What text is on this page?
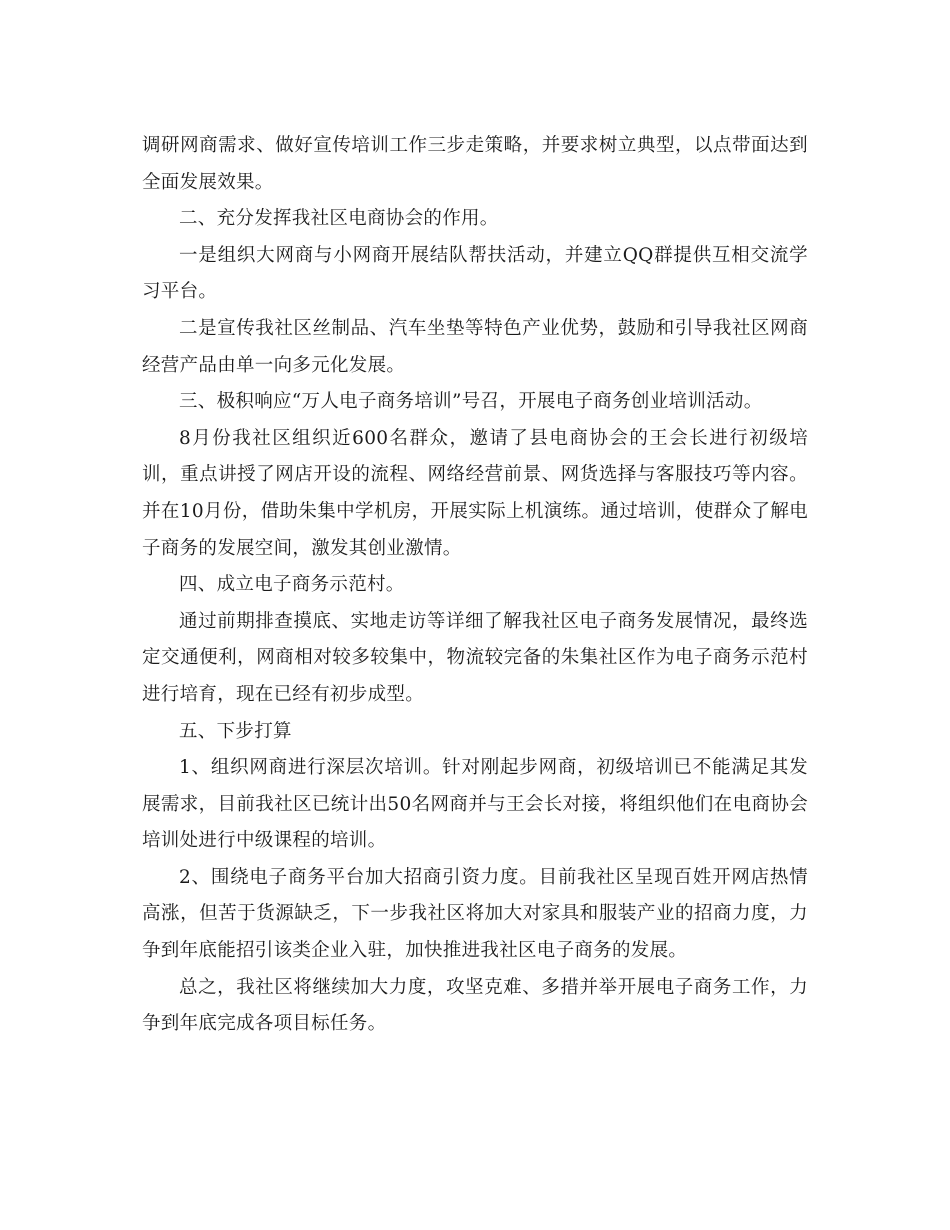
调研网商需求、做好宣传培训工作三步走策略，并要求树立典型，以点带面达到全面发展效果。

二、充分发挥我社区电商协会的作用。

一是组织大网商与小网商开展结队帮扶活动，并建立QQ群提供互相交流学习平台。

二是宣传我社区丝制品、汽车坐垫等特色产业优势，鼓励和引导我社区网商经营产品由单一向多元化发展。

三、极积响应“万人电子商务培训”号召，开展电子商务创业培训活动。

8月份我社区组织近600名群众，邀请了县电商协会的王会长进行初级培训，重点讲授了网店开设的流程、网络经营前景、网货选择与客服技巧等内容。并在10月份，借助朱集中学机房，开展实际上机演练。通过培训，使群众了解电子商务的发展空间，激发其创业激情。

四、成立电子商务示范村。

通过前期排查摸底、实地走访等详细了解我社区电子商务发展情况，最终选定交通便利，网商相对较多较集中，物流较完备的朱集社区作为电子商务示范村进行培育，现在已经有初步成型。

五、下步打算

1、组织网商进行深层次培训。针对刚起步网商，初级培训已不能满足其发展需求，目前我社区已统计出50名网商并与王会长对接，将组织他们在电商协会培训处进行中级课程的培训。

2、围绕电子商务平台加大招商引资力度。目前我社区呈现百姓开网店热情高涨，但苦于货源缺乏，下一步我社区将加大对家具和服装产业的招商力度，力争到年底能招引该类企业入驻，加快推进我社区电子商务的发展。

总之，我社区将继续加大力度，攻坚克难、多措并举开展电子商务工作，力争到年底完成各项目标任务。
